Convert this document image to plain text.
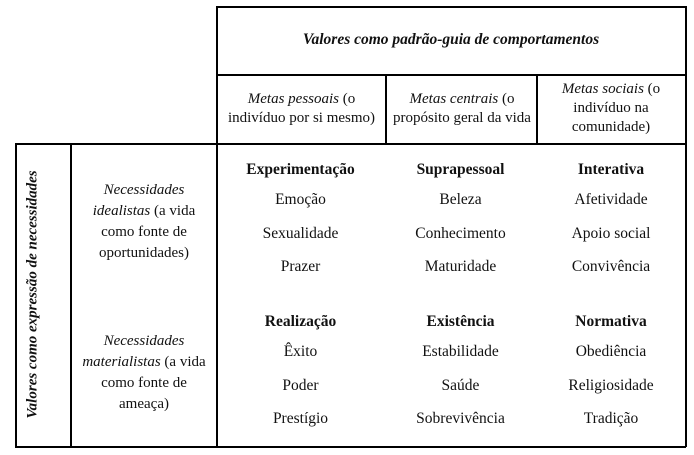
Valores como padrão-guia de comportamentos
Metas pessoais (o indivíduo por si mesmo)
Metas centrais (o propósito geral da vida
Metas sociais (o indivíduo na comunidade)
Valores como expressão de necessidades	Necessidades idealistas (a vida como fonte de oportunidades)
Necessidades materialistas (a vida como fonte de ameaça)
Experimentação
Emoção
Sexualidade
Prazer
Suprapessoal
Beleza
Conhecimento
Maturidade
Interativa
Afetividade
Apoio social
Convivência
Realização
Êxito
Poder
Prestígio
Existência
Estabilidade
Saúde
Sobrevivência
Normativa
Obediência
Religiosidade
Tradição
